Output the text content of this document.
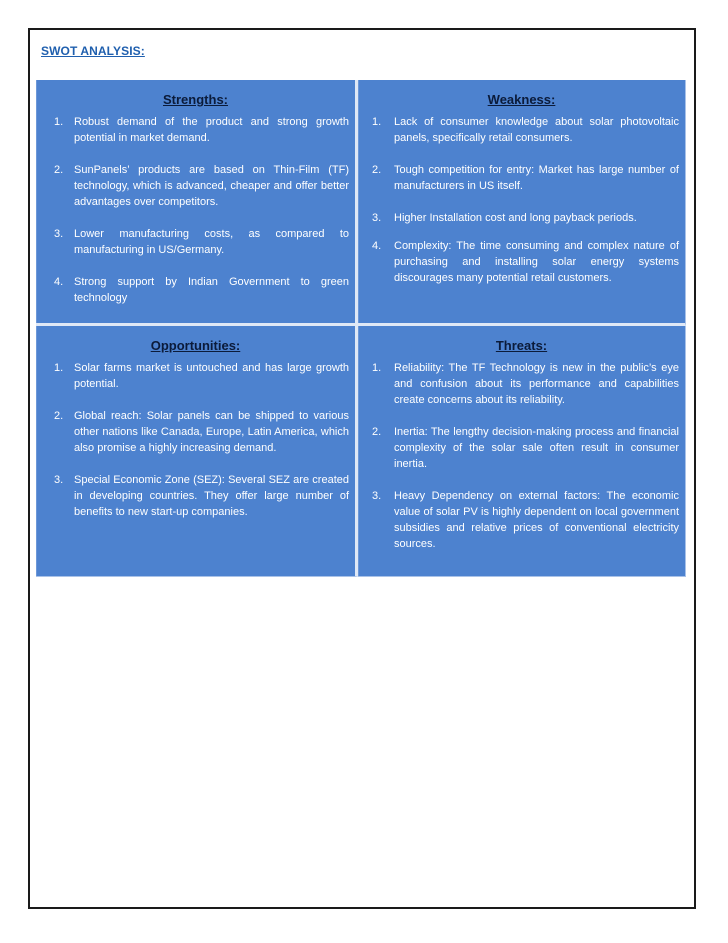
SWOT ANALYSIS:
Strengths:
1. Robust demand of the product and strong growth potential in market demand.
2. SunPanels’ products are based on Thin-Film (TF) technology, which is advanced, cheaper and offer better advantages over competitors.
3. Lower manufacturing costs, as compared to manufacturing in US/Germany.
4. Strong support by Indian Government to green technology
Weakness:
1. Lack of consumer knowledge about solar photovoltaic panels, specifically retail consumers.
2. Tough competition for entry: Market has large number of manufacturers in US itself.
3. Higher Installation cost and long payback periods.
4. Complexity: The time consuming and complex nature of purchasing and installing solar energy systems discourages many potential retail customers.
Opportunities:
1. Solar farms market is untouched and has large growth potential.
2. Global reach: Solar panels can be shipped to various other nations like Canada, Europe, Latin America, which also promise a highly increasing demand.
3. Special Economic Zone (SEZ): Several SEZ are created in developing countries. They offer large number of benefits to new start-up companies.
Threats:
1. Reliability: The TF Technology is new in the public’s eye and confusion about its performance and capabilities create concerns about its reliability.
2. Inertia: The lengthy decision-making process and financial complexity of the solar sale often result in consumer inertia.
3. Heavy Dependency on external factors: The economic value of solar PV is highly dependent on local government subsidies and relative prices of conventional electricity sources.
